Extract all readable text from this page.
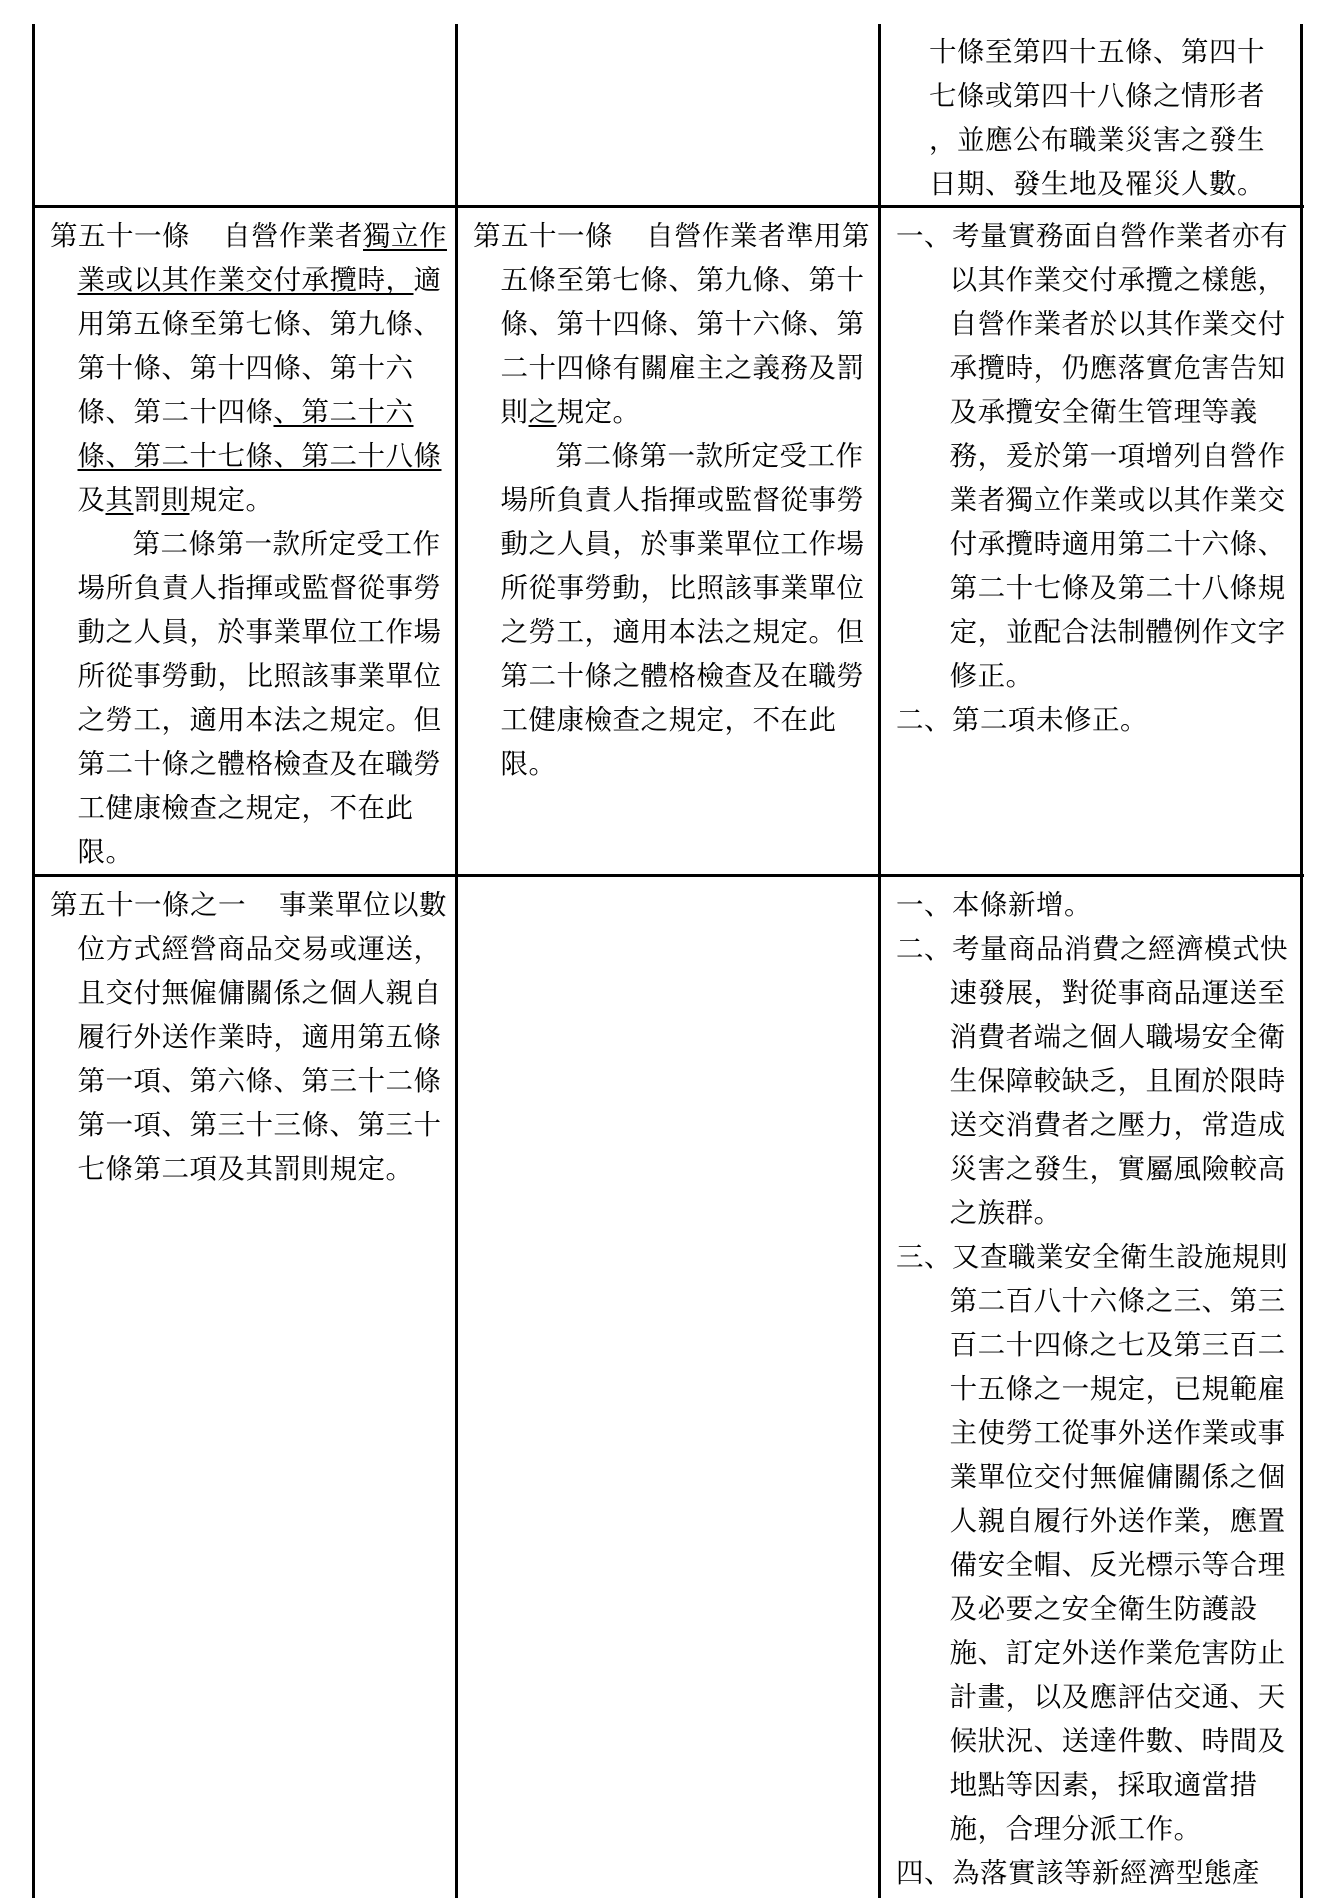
十條至第四十五條、第四十
七條或第四十八條之情形者
，並應公布職業災害之發生
日期、發生地及罹災人數。

第五十一條 自營作業者獨立作業或以其作業交付承攬時，適用第五條至第七條、第九條、第十條、第十四條、第十六條、第二十四條、第二十六條、第二十七條、第二十八條及其罰則規定。

第二條第一款所定受工作場所負責人指揮或監督從事勞動之人員，於事業單位工作場所從事勞動，比照該事業單位之勞工，適用本法之規定。但第二十條之體格檢查及在職勞工健康檢查之規定，不在此限。

第五十一條 自營作業者準用第五條至第七條、第九條、第十條、第十四條、第十六條、第二十四條有關雇主之義務及罰則之規定。

第二條第一款所定受工作場所負責人指揮或監督從事勞動之人員，於事業單位工作場所從事勞動，比照該事業單位之勞工，適用本法之規定。但第二十條之體格檢查及在職勞工健康檢查之規定，不在此限。

一、考量實務面自營作業者亦有以其作業交付承攬之樣態，自營作業者於以其作業交付承攬時，仍應落實危害告知及承攬安全衛生管理等義務，爰於第一項增列自營作業者獨立作業或以其作業交付承攬時適用第二十六條、第二十七條及第二十八條規定，並配合法制體例作文字修正。

二、第二項未修正。

第五十一條之一 事業單位以數位方式經營商品交易或運送，且交付無僱傭關係之個人親自履行外送作業時，適用第五條第一項、第六條、第三十二條第一項、第三十三條、第三十七條第二項及其罰則規定。

一、本條新增。

二、考量商品消費之經濟模式快速發展，對從事商品運送至消費者端之個人職場安全衛生保障較缺乏，且囿於限時送交消費者之壓力，常造成災害之發生，實屬風險較高之族群。

三、又查職業安全衛生設施規則第二百八十六條之三、第三百二十四條之七及第三百二十五條之一規定，已規範雇主使勞工從事外送作業或事業單位交付無僱傭關係之個人親自履行外送作業，應置備安全帽、反光標示等合理及必要之安全衛生防護設施、訂定外送作業危害防止計畫，以及應評估交通、天候狀況、送達件數、時間及地點等因素，採取適當措施，合理分派工作。

四、為落實該等新經濟型態產
